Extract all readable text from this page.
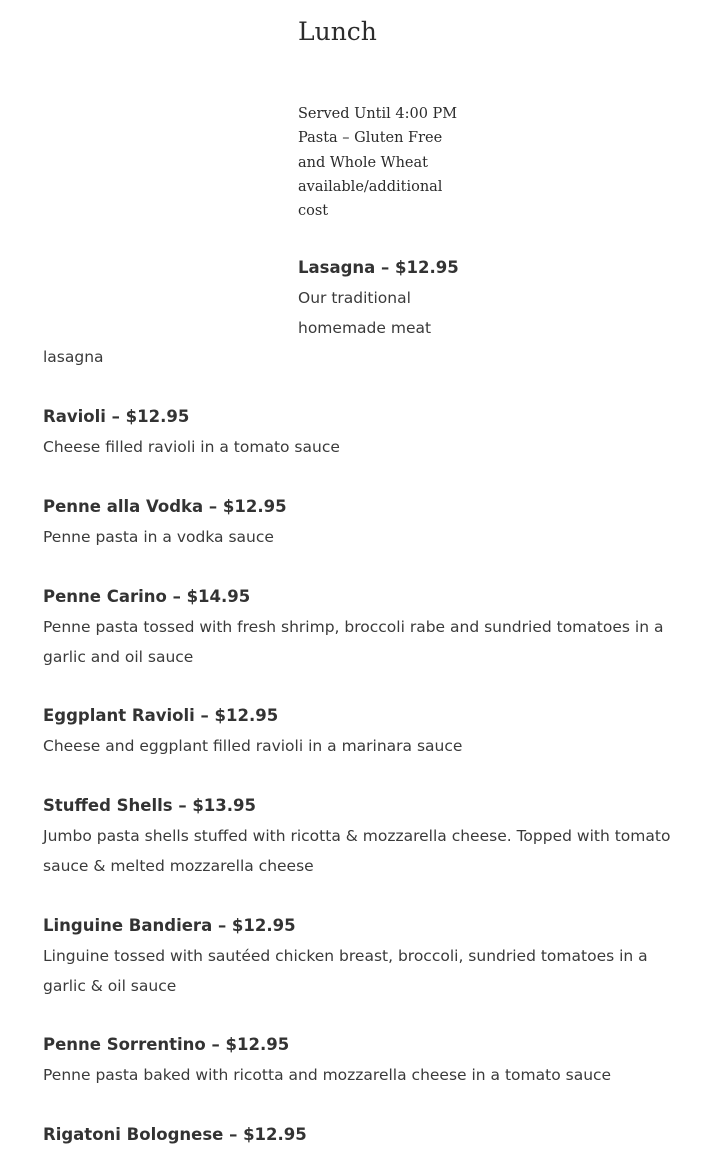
Lunch
Served Until 4:00 PM
Pasta – Gluten Free
and Whole Wheat
available/additional
cost
Lasagna – $12.95
Our traditional
homemade meat
lasagna
Ravioli – $12.95

Cheese filled ravioli in a tomato sauce

Penne alla Vodka – $12.95

Penne pasta in a vodka sauce

Penne Carino – $14.95

Penne pasta tossed with fresh shrimp, broccoli rabe and sundried tomatoes in a garlic and oil sauce

Eggplant Ravioli – $12.95

Cheese and eggplant filled ravioli in a marinara sauce

Stuffed Shells – $13.95

Jumbo pasta shells stuffed with ricotta & mozzarella cheese. Topped with tomato sauce & melted mozzarella cheese

Linguine Bandiera – $12.95

Linguine tossed with sautéed chicken breast, broccoli, sundried tomatoes in a garlic & oil sauce

Penne Sorrentino – $12.95

Penne pasta baked with ricotta and mozzarella cheese in a tomato sauce

Rigatoni Bolognese – $12.95
